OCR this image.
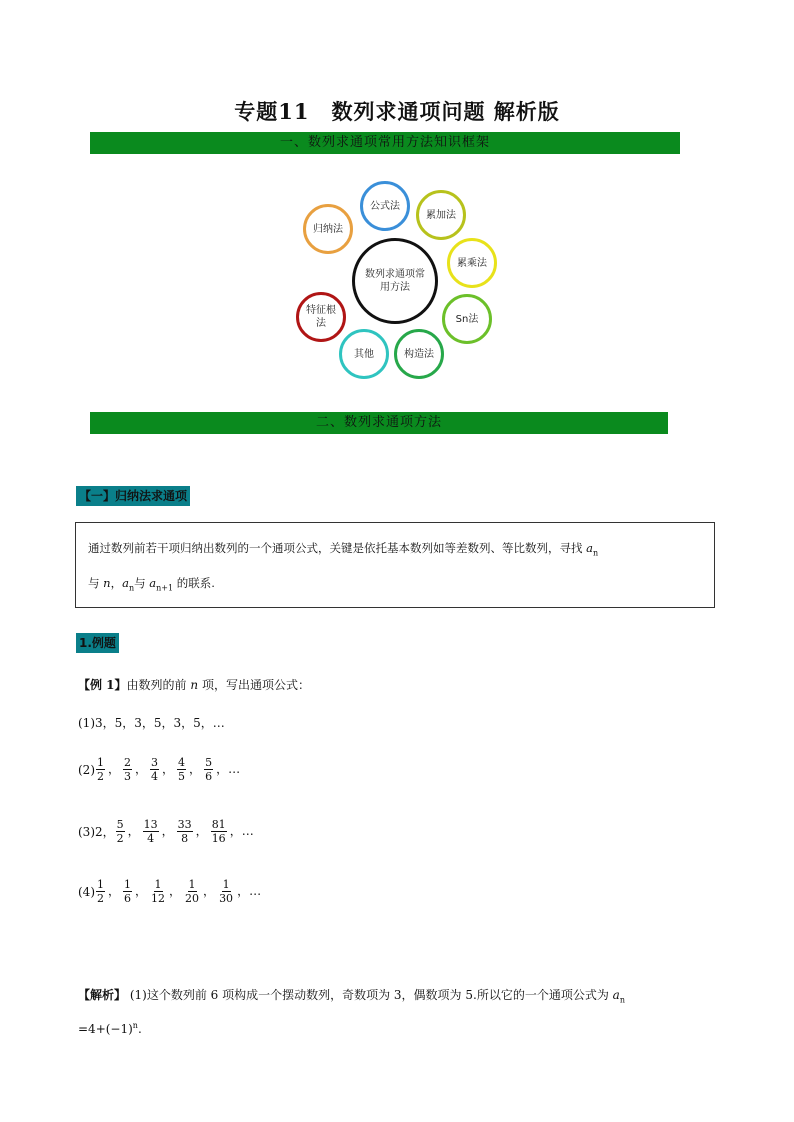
专题11　数列求通项问题 解析版
一、数列求通项常用方法知识框架
数列求通项常用方法
公式法
累加法
累乘法
Sn法
构造法
其他
特征根法
归纳法
二、数列求通项方法
【一】归纳法求通项
通过数列前若干项归纳出数列的一个通项公式，关键是依托基本数列如等差数列、等比数列，寻找 $a_n$
与 n，$a_n$与 $a_{n+1}$ 的联系.
1.例题
【例 1】由数列的前 n 项，写出通项公式：
(1)3，5，3，5，3，5，…
$(2) \frac{1}{2}$ ， $\frac{2}{3}$ ， $\frac{3}{4}$ ， $\frac{4}{5}$ ， $\frac{5}{6}$ ，…
(3)2， $\frac{5}{2}$ ， $\frac{13}{4}$ ， $\frac{33}{8}$ ， $\frac{81}{16}$ ，…
$(4) \frac{1}{2}$ ， $\frac{1}{6}$ ， $\frac{1}{12}$ ， $\frac{1}{20}$ ， $\frac{1}{30}$ ，…
【解析】 (1)这个数列前 6 项构成一个摆动数列，奇数项为 3，偶数项为 5.所以它的一个通项公式为 $a_n$
$=4+(-1)^n$.
